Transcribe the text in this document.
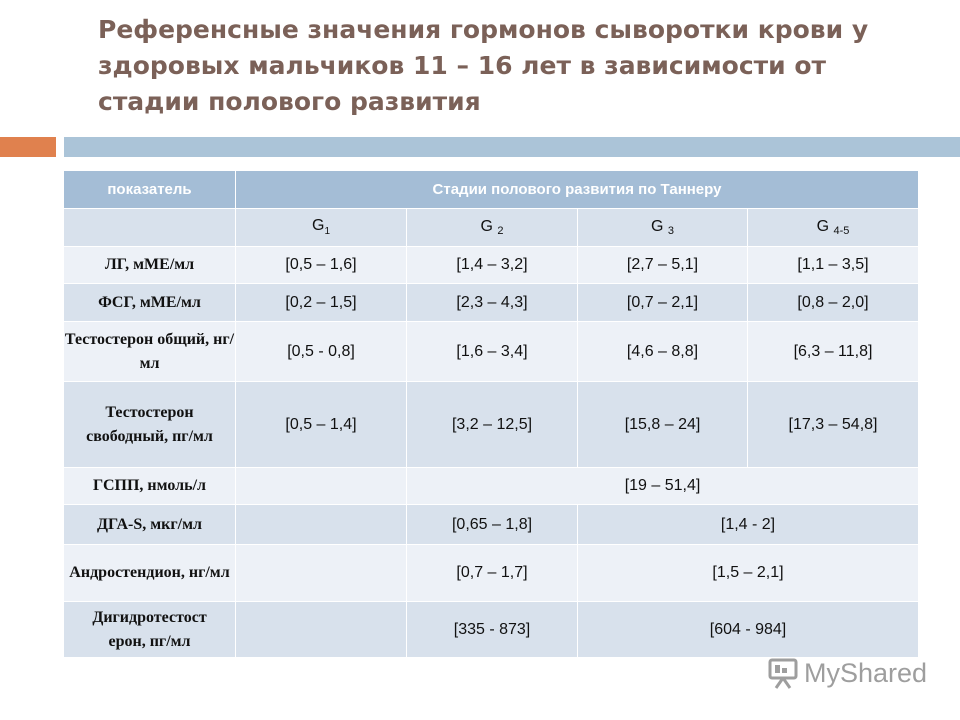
Референсные значения гормонов сыворотки крови у здоровых мальчиков 11 – 16 лет в зависимости от стадии полового развития
показатель	Стадии полового развития по Таннеру			
	$G_1$	G 2	G 3	G 4-5
ЛГ, мМЕ/мл	[0,5 – 1,6]	[1,4 – 3,2]	[2,7 – 5,1]	[1,1 – 3,5]
ФСГ, мМЕ/мл	[0,2 – 1,5]	[2,3 – 4,3]	[0,7 – 2,1]	[0,8 – 2,0]
Тестостерон общий, нг/мл	[0,5 - 0,8]	[1,6 – 3,4]	[4,6 – 8,8]	[6,3 – 11,8]
Тестостерон свободный, пг/мл	[0,5 – 1,4]	[3,2 – 12,5]	[15,8 – 24]	[17,3 – 54,8]
ГСПП, нмоль/л		[19 – 51,4]		
ДГА-S, мкг/мл		[0,65 – 1,8]	[1,4 - 2]	
Андростендион, нг/мл		[0,7 – 1,7]	[1,5 – 2,1]	
Дигидротестост
ерон, пг/мл		[335 - 873]	[604 - 984]	
MyShared
